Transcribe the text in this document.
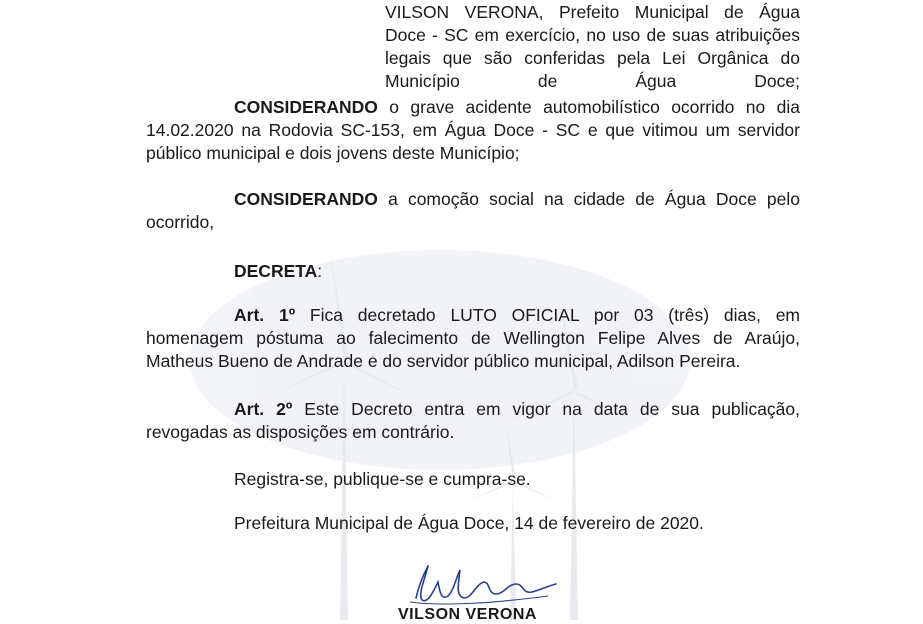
VILSON VERONA, Prefeito Municipal de Água
Doce - SC em exercício, no uso de suas atribuições
legais que são conferidas pela Lei Orgânica do
Município de Água Doce;

CONSIDERANDO o grave acidente automobilístico ocorrido no dia
14.02.2020 na Rodovia SC-153, em Água Doce - SC e que vitimou um servidor
público municipal e dois jovens deste Município;
CONSIDERANDO a comoção social na cidade de Água Doce pelo
ocorrido,
DECRETA:
Art. 1º Fica decretado LUTO OFICIAL por 03 (três) dias, em
homenagem póstuma ao falecimento de Wellington Felipe Alves de Araújo,
Matheus Bueno de Andrade e do servidor público municipal, Adilson Pereira.
Art. 2º Este Decreto entra em vigor na data de sua publicação,
revogadas as disposições em contrário.
Registra-se, publique-se e cumpra-se.
Prefeitura Municipal de Água Doce, 14 de fevereiro de 2020.
VILSON VERONA
